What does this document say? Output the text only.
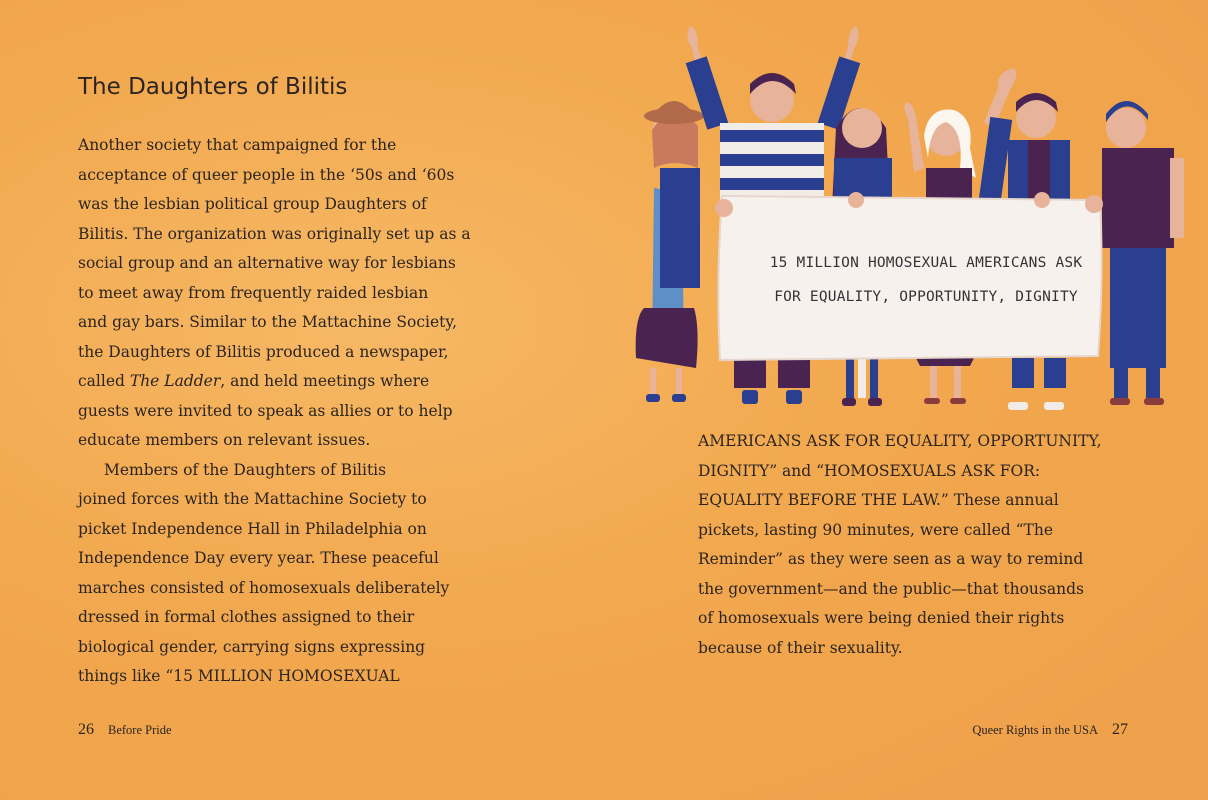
The Daughters of Bilitis
Another society that campaigned for the
acceptance of queer people in the ‘50s and ‘60s
was the lesbian political group Daughters of
Bilitis. The organization was originally set up as a
social group and an alternative way for lesbians
to meet away from frequently raided lesbian
and gay bars. Similar to the Mattachine Society,
the Daughters of Bilitis produced a newspaper,
called The Ladder, and held meetings where
guests were invited to speak as allies or to help
educate members on relevant issues.
Members of the Daughters of Bilitis
joined forces with the Mattachine Society to
picket Independence Hall in Philadelphia on
Independence Day every year. These peaceful
marches consisted of homosexuals deliberately
dressed in formal clothes assigned to their
biological gender, carrying signs expressing
things like “15 MILLION HOMOSEXUAL
26 Before Pride
15 MILLION HOMOSEXUAL AMERICANS ASK
FOR EQUALITY, OPPORTUNITY, DIGNITY
AMERICANS ASK FOR EQUALITY, OPPORTUNITY,
DIGNITY” and “HOMOSEXUALS ASK FOR:
EQUALITY BEFORE THE LAW.” These annual
pickets, lasting 90 minutes, were called “The
Reminder” as they were seen as a way to remind
the government—and the public—that thousands
of homosexuals were being denied their rights
because of their sexuality.
Queer Rights in the USA 27
